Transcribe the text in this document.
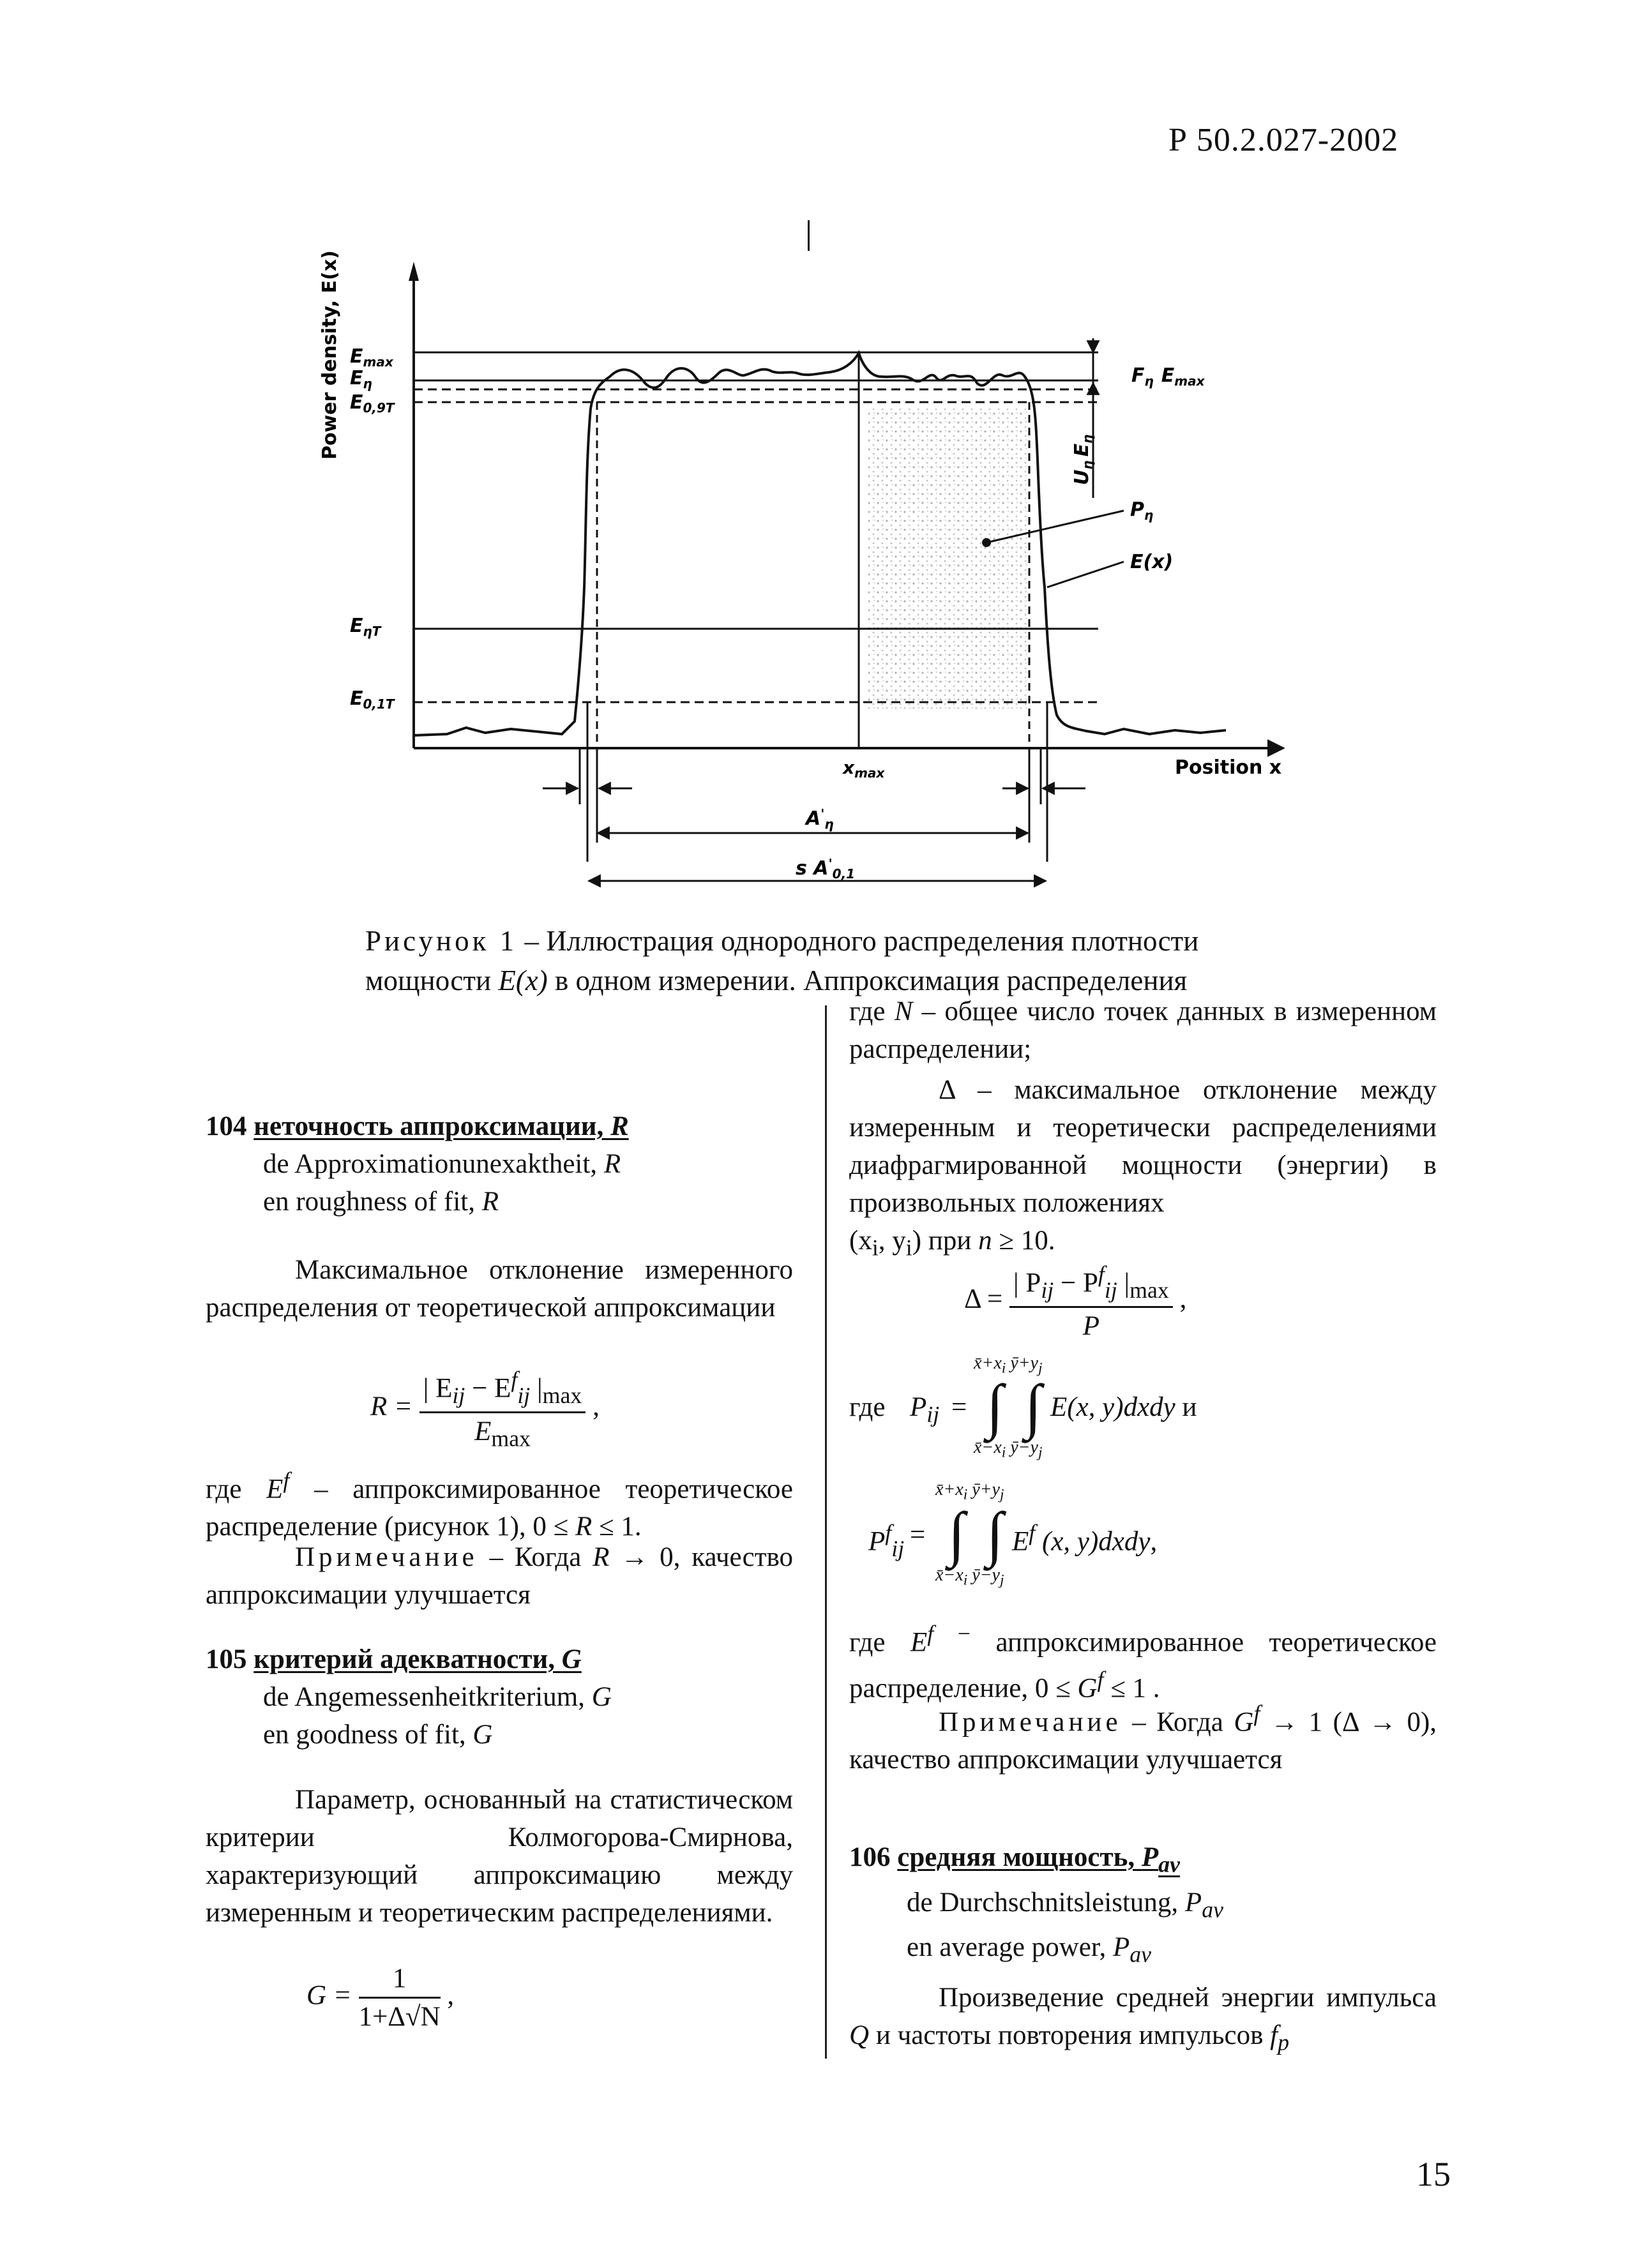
Р 50.2.027-2002
15
Power density, E(x)
Position x
$E_{max}$
$E_\eta$
$E_{0,9T}$
$E_{\eta T}$
$E_{0,1T}$
$F_\eta$ $E_{max}$
$U_\eta E_\eta$
$P_\eta$
E(x)
$x_{max}$
$A'_\eta$
s $A'_{0,1}$
Рисунок 1 – Иллюстрация однородного распределения плотности
мощности E(x) в одном измерении. Аппроксимация распределения
104 неточность аппроксимации, R
de Approximationunexaktheit, R
en roughness of fit, R
Максимальное отклонение измеренного распределения от теоретической аппроксимации
$R = \frac{| E_{ij} - E^f_{ij} |_{max}}{E_{max}}$ ,
где $E^f$ – аппроксимированное теоретическое распределение (рисунок 1), 0 ≤ R ≤ 1.
Примечание – Когда R → 0, качество аппроксимации улучшается
105 критерий адекватности, G
de Angemessenheitkriterium, G
en goodness of fit, G
Параметр, основанный на статистическом критерии Колмогорова-Смирнова, характеризующий аппроксимацию между измеренным и теоретическим распределениями.
$G = \frac{1}{1+\Delta√N}$ ,
где N – общее число точек данных в измеренном распределении;
Δ – максимальное отклонение между измеренным и теоретически распределениями диафрагмированной мощности (энергии) в произвольных положениях
($x_i$, $y_i$) при n ≥ 10.
$\Delta = \frac{| P_{ij} - P^f_{ij} |_{max}}{P}$ ,
где $P_{ij}$ =
$x̄+x_i$ $ȳ+y_j$
∫ ∫ E(x, y)dxdy и
$x̄-x_i$ $ȳ-y_j$
$P^f_{ij}$ =
$x̄+x_i$ $ȳ+y_j$
∫ ∫ $E^f$ (x, y)dxdy,
$x̄-x_i$ $ȳ-y_j$
где $E^f$ − аппроксимированное теоретическое распределение, $0 \le G^f \le 1$ .
Примечание – Когда $G^f \to 1$ (Δ → 0), качество аппроксимации улучшается
106 средняя мощность, $P_{av}$
de Durchschnitsleistung, $P_{av}$
en average power, $P_{av}$
Произведение средней энергии импульса Q и частоты повторения импульсов $f_p$
